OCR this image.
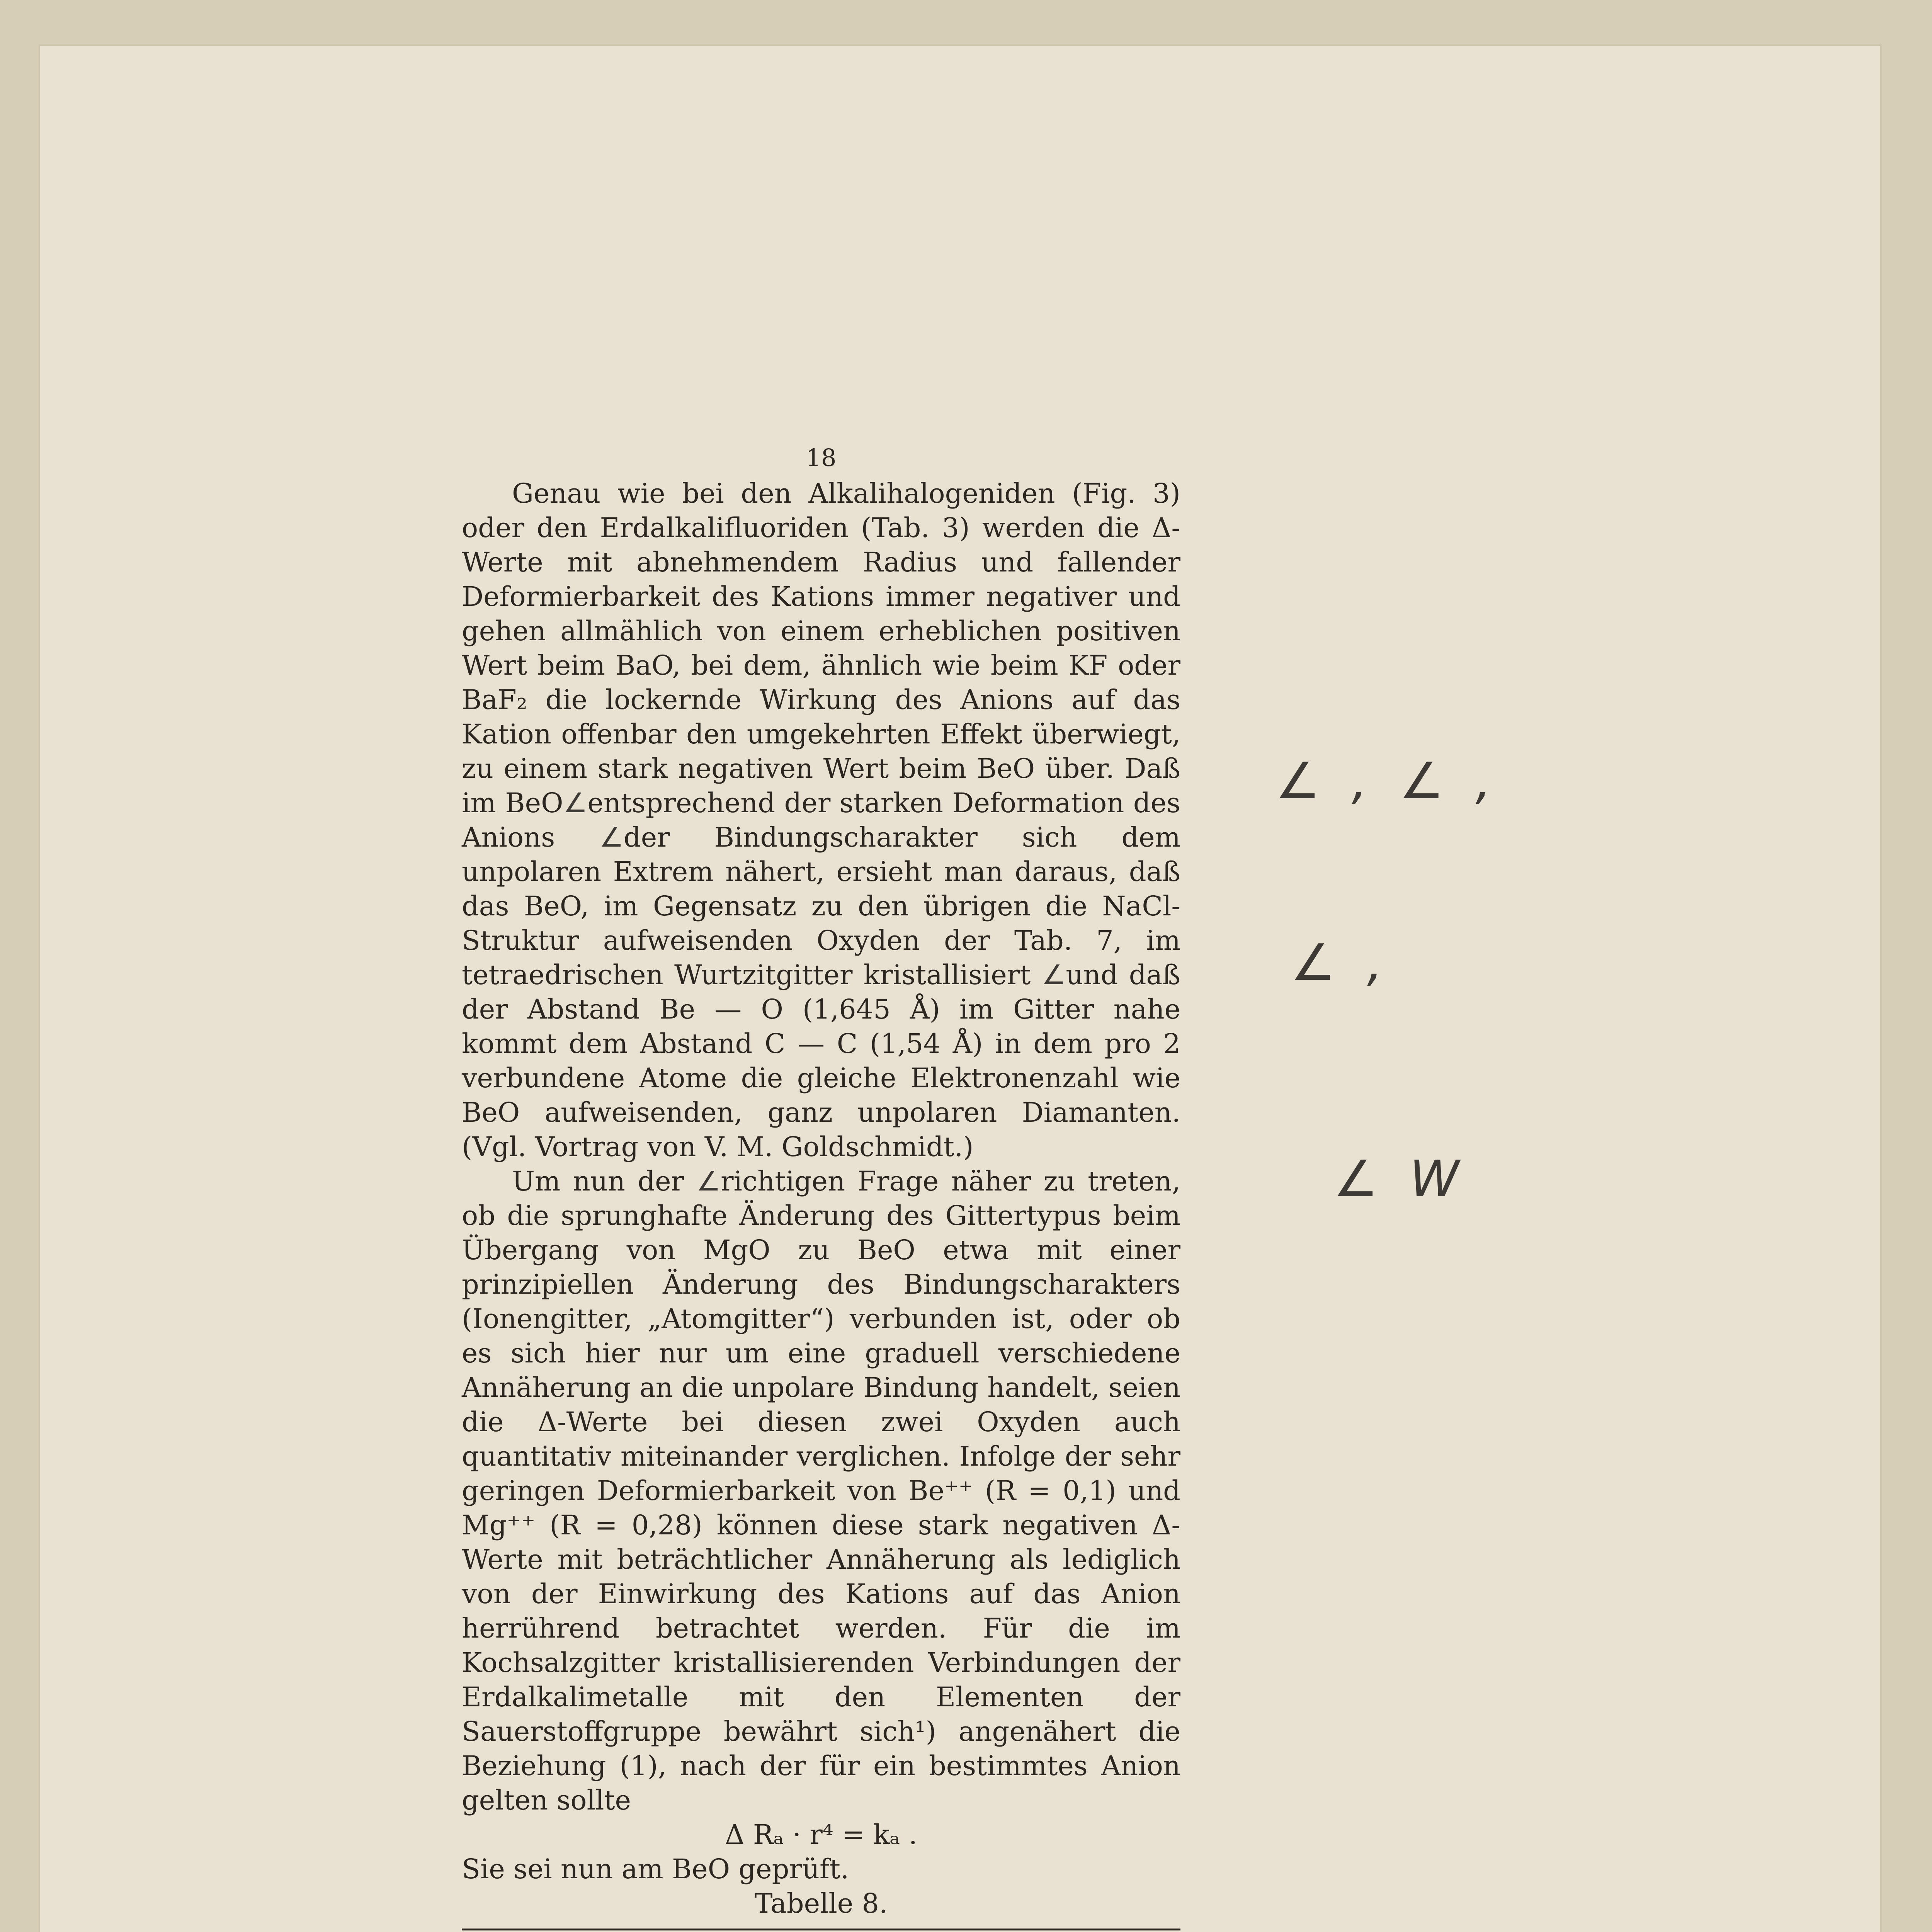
18

Genau wie bei den Alkalihalogeniden (Fig. 3) oder den Erdalkalifluoriden (Tab. 3) werden die Δ-Werte mit abnehmendem Radius und fallender Deformierbarkeit des Kations immer negativer und gehen allmählich von einem erheblichen positiven Wert beim BaO, bei dem, ähnlich wie beim KF oder BaF₂ die lockernde Wirkung des Anions auf das Kation offenbar den umgekehrten Effekt überwiegt, zu einem stark negativen Wert beim BeO über. Daß im BeO∠entsprechend der starken Deformation des Anions ∠der Bindungscharakter sich dem unpolaren Extrem nähert, ersieht man daraus, daß das BeO, im Gegensatz zu den übrigen die NaCl-Struktur aufweisenden Oxyden der Tab. 7, im tetraedrischen Wurtzitgitter kristallisiert ∠und daß der Abstand Be — O (1,645 Å) im Gitter nahe kommt dem Abstand C — C (1,54 Å) in dem pro 2 verbundene Atome die gleiche Elektronenzahl wie BeO aufweisenden, ganz unpolaren Diamanten. (Vgl. Vortrag von V. M. Goldschmidt.)

Um nun der ∠richtigen Frage näher zu treten, ob die sprunghafte Änderung des Gittertypus beim Übergang von MgO zu BeO etwa mit einer prinzipiellen Änderung des Bindungscharakters (Ionengitter, „Atomgitter“) verbunden ist, oder ob es sich hier nur um eine graduell verschiedene Annäherung an die unpolare Bindung handelt, seien die Δ-Werte bei diesen zwei Oxyden auch quantitativ miteinander verglichen. Infolge der sehr geringen Deformierbarkeit von Be⁺⁺ (R = 0,1) und Mg⁺⁺ (R = 0,28) können diese stark negativen Δ-Werte mit beträchtlicher Annäherung als lediglich von der Einwirkung des Kations auf das Anion herrührend betrachtet werden. Für die im Kochsalzgitter kristallisierenden Verbindungen der Erdalkalimetalle mit den Elementen der Sauerstoffgruppe bewährt sich¹) angenähert die Beziehung (1), nach der für ein bestimmtes Anion gelten sollte

Δ Rₐ · r⁴ = kₐ .

Sie sei nun am BeO geprüft.

Tabelle 8.

∠ , ∠ ,
∠ ,
∠ W
